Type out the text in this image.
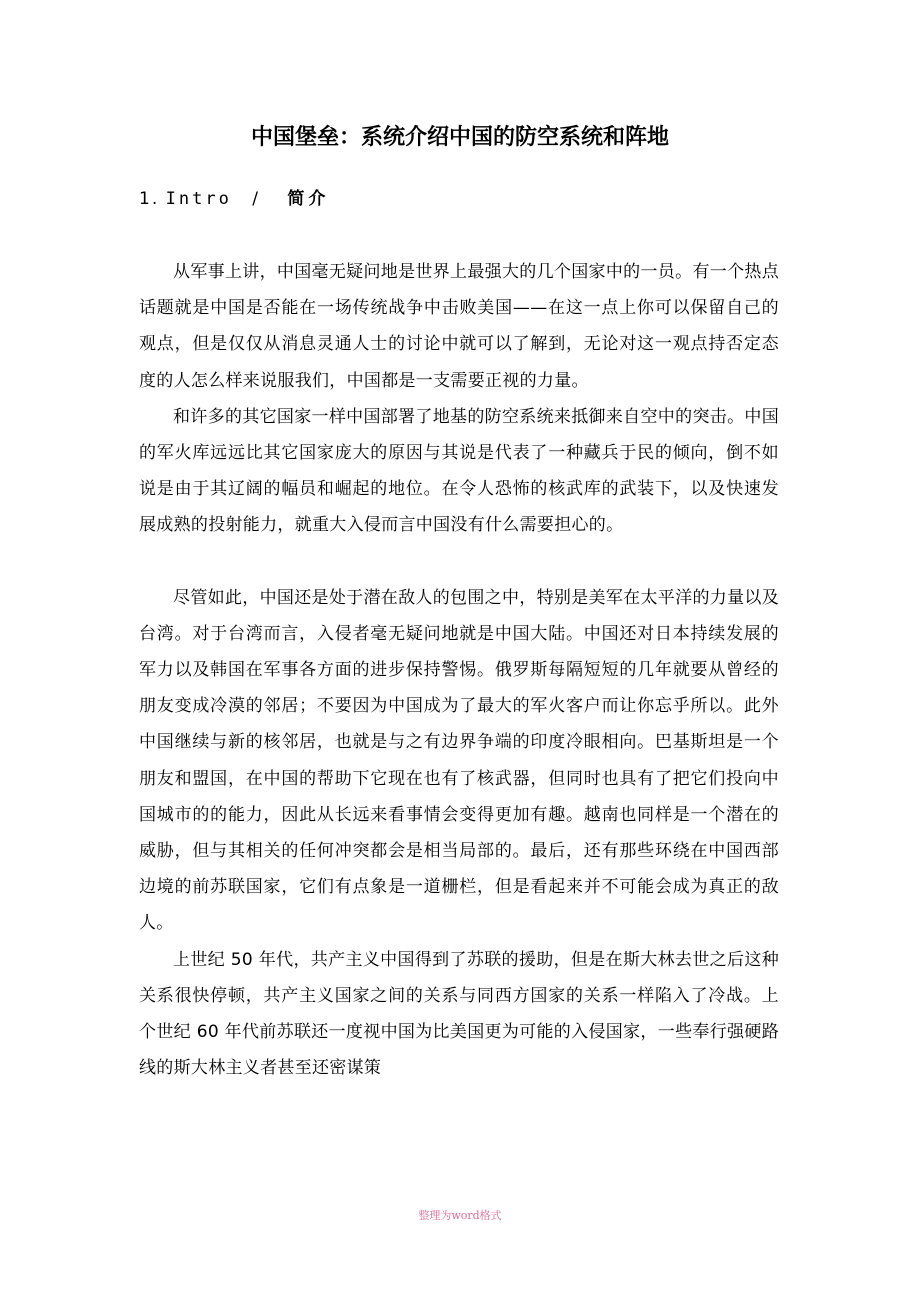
中国堡垒：系统介绍中国的防空系统和阵地
1. Intro / 简介

从军事上讲，中国毫无疑问地是世界上最强大的几个国家中的一员。有一个热点话题就是中国是否能在一场传统战争中击败美国——在这一点上你可以保留自己的观点，但是仅仅从消息灵通人士的讨论中就可以了解到，无论对这一观点持否定态度的人怎么样来说服我们，中国都是一支需要正视的力量。

和许多的其它国家一样中国部署了地基的防空系统来抵御来自空中的突击。中国的军火库远远比其它国家庞大的原因与其说是代表了一种藏兵于民的倾向，倒不如说是由于其辽阔的幅员和崛起的地位。在令人恐怖的核武库的武装下，以及快速发展成熟的投射能力，就重大入侵而言中国没有什么需要担心的。

尽管如此，中国还是处于潜在敌人的包围之中，特别是美军在太平洋的力量以及台湾。对于台湾而言，入侵者毫无疑问地就是中国大陆。中国还对日本持续发展的军力以及韩国在军事各方面的进步保持警惕。俄罗斯每隔短短的几年就要从曾经的朋友变成冷漠的邻居；不要因为中国成为了最大的军火客户而让你忘乎所以。此外中国继续与新的核邻居，也就是与之有边界争端的印度冷眼相向。巴基斯坦是一个朋友和盟国，在中国的帮助下它现在也有了核武器，但同时也具有了把它们投向中国城市的的能力，因此从长远来看事情会变得更加有趣。越南也同样是一个潜在的威胁，但与其相关的任何冲突都会是相当局部的。最后，还有那些环绕在中国西部边境的前苏联国家，它们有点象是一道栅栏，但是看起来并不可能会成为真正的敌人。

上世纪 50 年代，共产主义中国得到了苏联的援助，但是在斯大林去世之后这种关系很快停顿，共产主义国家之间的关系与同西方国家的关系一样陷入了冷战。上个世纪 60 年代前苏联还一度视中国为比美国更为可能的入侵国家，一些奉行强硬路线的斯大林主义者甚至还密谋策

整理为word格式
